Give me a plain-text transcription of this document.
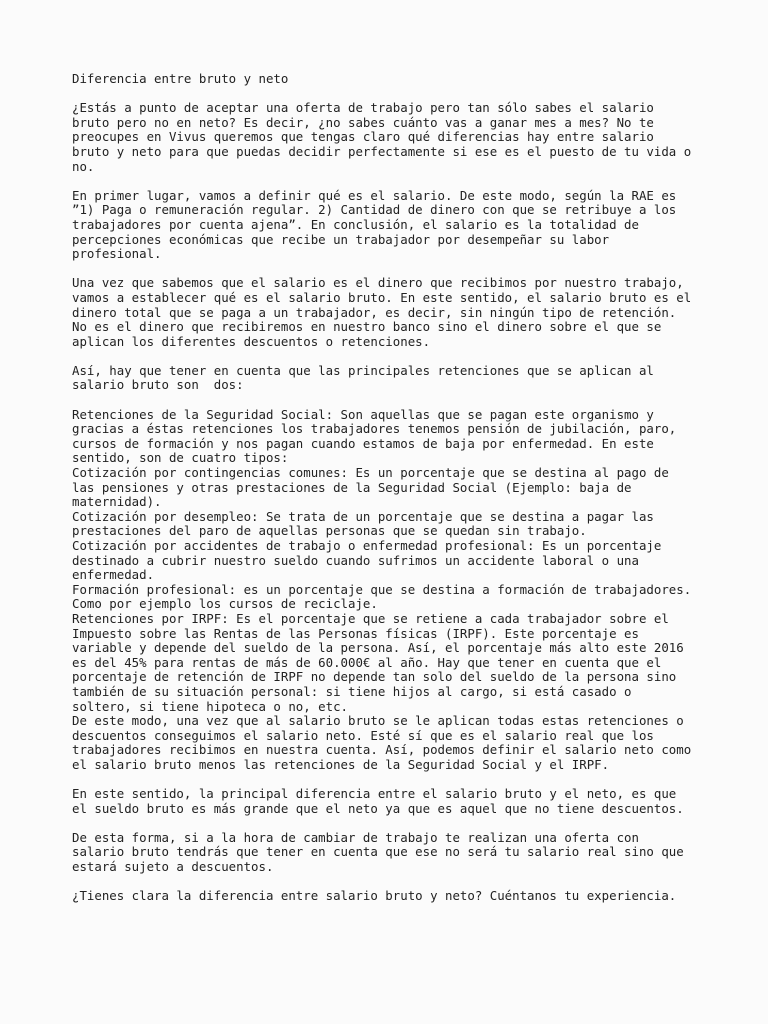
Diferencia entre bruto y neto
¿Estás a punto de aceptar una oferta de trabajo pero tan sólo sabes el salario
bruto pero no en neto? Es decir, ¿no sabes cuánto vas a ganar mes a mes? No te
preocupes en Vivus queremos que tengas claro qué diferencias hay entre salario
bruto y neto para que puedas decidir perfectamente si ese es el puesto de tu vida o
no.
En primer lugar, vamos a definir qué es el salario. De este modo, según la RAE es
”1) Paga o remuneración regular. 2) Cantidad de dinero con que se retribuye a los
trabajadores por cuenta ajena”. En conclusión, el salario es la totalidad de
percepciones económicas que recibe un trabajador por desempeñar su labor
profesional.
Una vez que sabemos que el salario es el dinero que recibimos por nuestro trabajo,
vamos a establecer qué es el salario bruto. En este sentido, el salario bruto es el
dinero total que se paga a un trabajador, es decir, sin ningún tipo de retención.
No es el dinero que recibiremos en nuestro banco sino el dinero sobre el que se
aplican los diferentes descuentos o retenciones.
Así, hay que tener en cuenta que las principales retenciones que se aplican al
salario bruto son  dos:
Retenciones de la Seguridad Social: Son aquellas que se pagan este organismo y
gracias a éstas retenciones los trabajadores tenemos pensión de jubilación, paro,
cursos de formación y nos pagan cuando estamos de baja por enfermedad. En este
sentido, son de cuatro tipos:
Cotización por contingencias comunes: Es un porcentaje que se destina al pago de
las pensiones y otras prestaciones de la Seguridad Social (Ejemplo: baja de
maternidad).
Cotización por desempleo: Se trata de un porcentaje que se destina a pagar las
prestaciones del paro de aquellas personas que se quedan sin trabajo.
Cotización por accidentes de trabajo o enfermedad profesional: Es un porcentaje
destinado a cubrir nuestro sueldo cuando sufrimos un accidente laboral o una
enfermedad.
Formación profesional: es un porcentaje que se destina a formación de trabajadores.
Como por ejemplo los cursos de reciclaje.
Retenciones por IRPF: Es el porcentaje que se retiene a cada trabajador sobre el
Impuesto sobre las Rentas de las Personas físicas (IRPF). Este porcentaje es
variable y depende del sueldo de la persona. Así, el porcentaje más alto este 2016
es del 45% para rentas de más de 60.000€ al año. Hay que tener en cuenta que el
porcentaje de retención de IRPF no depende tan solo del sueldo de la persona sino
también de su situación personal: si tiene hijos al cargo, si está casado o
soltero, si tiene hipoteca o no, etc.
De este modo, una vez que al salario bruto se le aplican todas estas retenciones o
descuentos conseguimos el salario neto. Esté sí que es el salario real que los
trabajadores recibimos en nuestra cuenta. Así, podemos definir el salario neto como
el salario bruto menos las retenciones de la Seguridad Social y el IRPF.
En este sentido, la principal diferencia entre el salario bruto y el neto, es que
el sueldo bruto es más grande que el neto ya que es aquel que no tiene descuentos.
De esta forma, si a la hora de cambiar de trabajo te realizan una oferta con
salario bruto tendrás que tener en cuenta que ese no será tu salario real sino que
estará sujeto a descuentos.
¿Tienes clara la diferencia entre salario bruto y neto? Cuéntanos tu experiencia.
